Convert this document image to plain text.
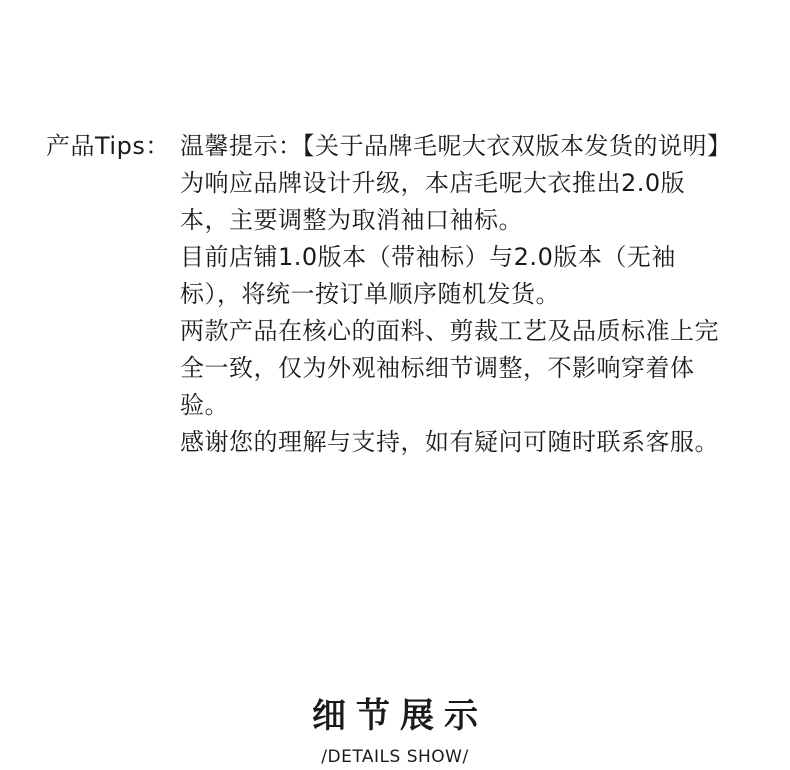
产品Tips： 温馨提示：【关于品牌毛呢大衣双版本发货的说明】

为响应品牌设计升级，本店毛呢大衣推出2.0版本，主要调整为取消袖口袖标。

目前店铺1.0版本（带袖标）与2.0版本（无袖标），将统一按订单顺序随机发货。

两款产品在核心的面料、剪裁工艺及品质标准上完全一致，仅为外观袖标细节调整，不影响穿着体验。

感谢您的理解与支持，如有疑问可随时联系客服。

细节展示
/DETAILS SHOW/
